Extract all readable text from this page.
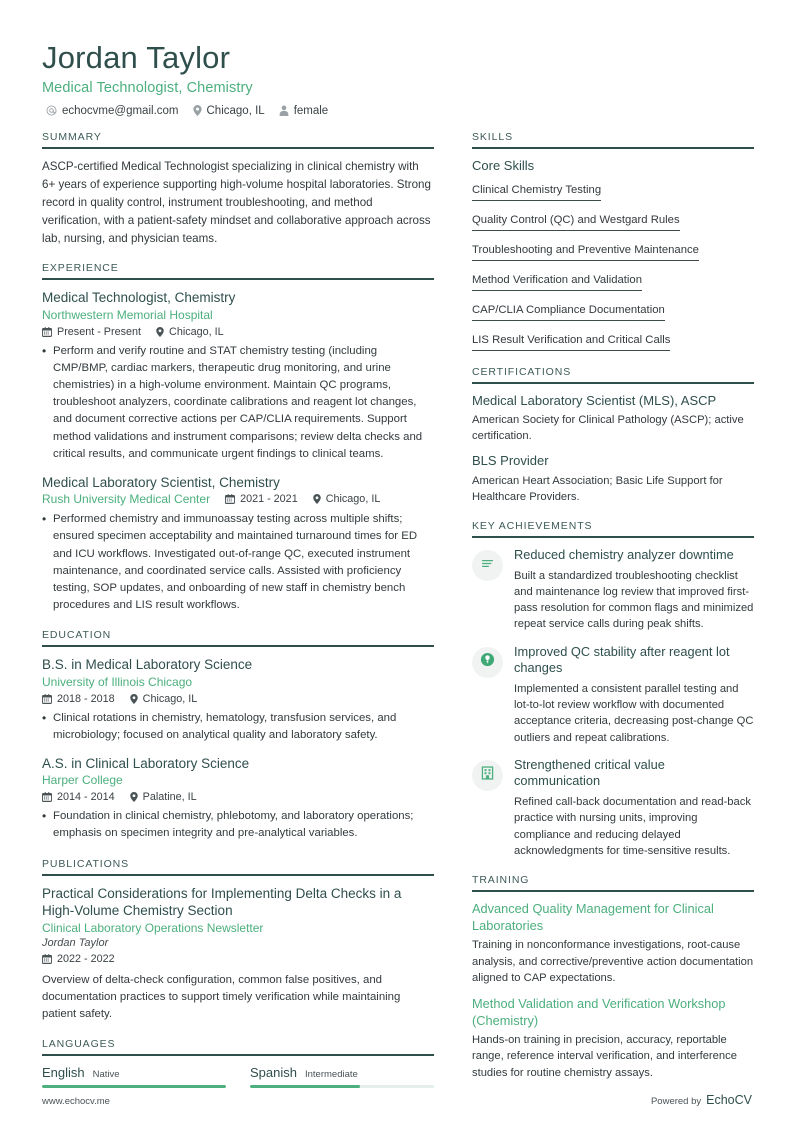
Jordan Taylor
Medical Technologist, Chemistry
echocvme@gmail.com Chicago, IL	female
SUMMARY
ASCP-certified Medical Technologist specializing in clinical chemistry with 6+ years of experience supporting high-volume hospital laboratories. Strong record in quality control, instrument troubleshooting, and method verification, with a patient-safety mindset and collaborative approach across lab, nursing, and physician teams.
EXPERIENCE
Medical Technologist, Chemistry
Northwestern Memorial Hospital
Present - Present	Chicago, IL
• Perform and verify routine and STAT chemistry testing (including CMP/BMP, cardiac markers, therapeutic drug monitoring, and urine chemistries) in a high-volume environment. Maintain QC programs, troubleshoot analyzers, coordinate calibrations and reagent lot changes, and document corrective actions per CAP/CLIA requirements. Support method validations and instrument comparisons; review delta checks and critical results, and communicate urgent findings to clinical teams.
Medical Laboratory Scientist, Chemistry
Rush University Medical Center	2021 - 2021	Chicago, IL
• Performed chemistry and immunoassay testing across multiple shifts; ensured specimen acceptability and maintained turnaround times for ED and ICU workflows. Investigated out-of-range QC, executed instrument maintenance, and coordinated service calls. Assisted with proficiency testing, SOP updates, and onboarding of new staff in chemistry bench procedures and LIS result workflows.
EDUCATION
B.S. in Medical Laboratory Science
University of Illinois Chicago
2018 - 2018	Chicago, IL
• Clinical rotations in chemistry, hematology, transfusion services, and microbiology; focused on analytical quality and laboratory safety.
A.S. in Clinical Laboratory Science
Harper College
2014 - 2014	Palatine, IL
• Foundation in clinical chemistry, phlebotomy, and laboratory operations; emphasis on specimen integrity and pre-analytical variables.
PUBLICATIONS
Practical Considerations for Implementing Delta Checks in a High-Volume Chemistry Section
Clinical Laboratory Operations Newsletter
Jordan Taylor
2022 - 2022
Overview of delta-check configuration, common false positives, and documentation practices to support timely verification while maintaining patient safety.
LANGUAGES
English Native	Spanish Intermediate
SKILLS
Core Skills
Clinical Chemistry Testing
Quality Control (QC) and Westgard Rules
Troubleshooting and Preventive Maintenance
Method Verification and Validation
CAP/CLIA Compliance Documentation
LIS Result Verification and Critical Calls
CERTIFICATIONS
Medical Laboratory Scientist (MLS), ASCP
American Society for Clinical Pathology (ASCP); active certification.
BLS Provider
American Heart Association; Basic Life Support for Healthcare Providers.
KEY ACHIEVEMENTS
Reduced chemistry analyzer downtime
Built a standardized troubleshooting checklist and maintenance log review that improved first-pass resolution for common flags and minimized repeat service calls during peak shifts.
Improved QC stability after reagent lot changes
Implemented a consistent parallel testing and lot-to-lot review workflow with documented acceptance criteria, decreasing post-change QC outliers and repeat calibrations.
Strengthened critical value communication
Refined call-back documentation and read-back practice with nursing units, improving compliance and reducing delayed acknowledgments for time-sensitive results.
TRAINING
Advanced Quality Management for Clinical Laboratories
Training in nonconformance investigations, root-cause analysis, and corrective/preventive action documentation aligned to CAP expectations.
Method Validation and Verification Workshop (Chemistry)
Hands-on training in precision, accuracy, reportable range, reference interval verification, and interference studies for routine chemistry assays.
www.echocv.me	Powered by EchoCV
